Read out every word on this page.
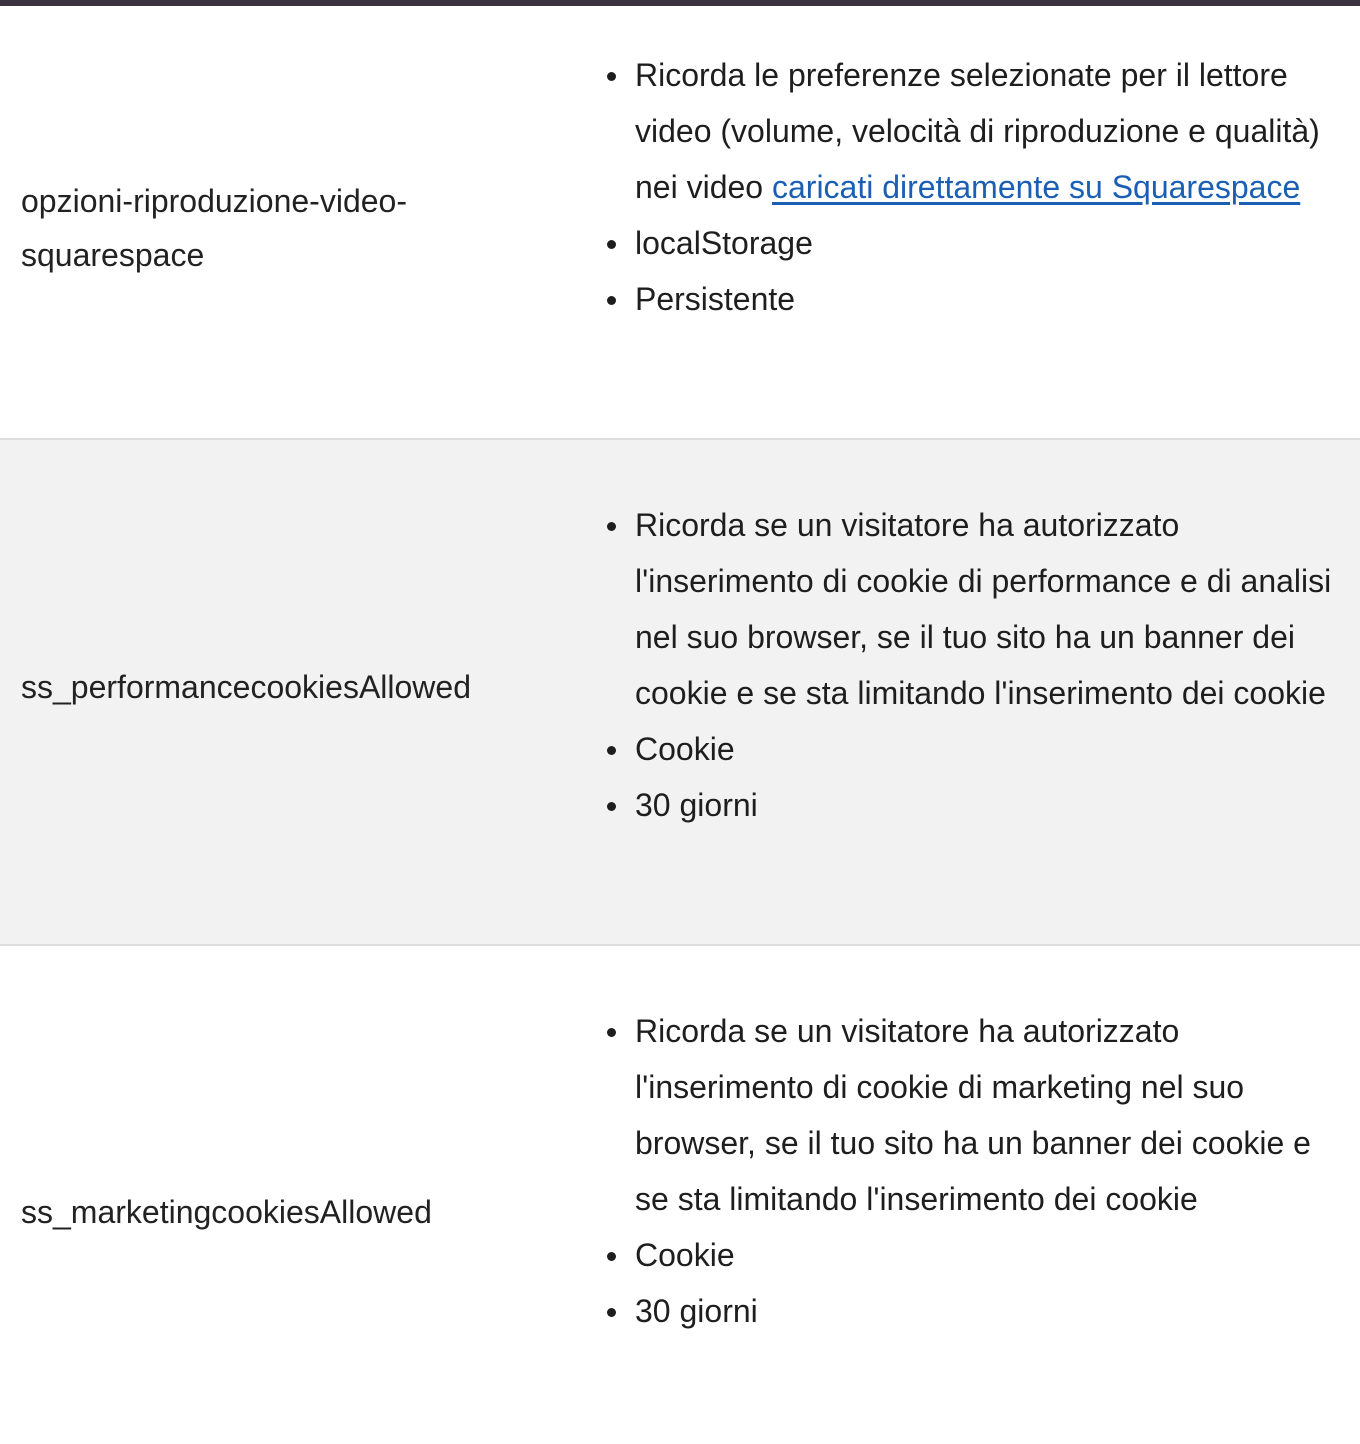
opzioni-riproduzione-video-squarespace
Ricorda le preferenze selezionate per il lettore video (volume, velocità di riproduzione e qualità) nei video caricati direttamente su Squarespace
localStorage
Persistente
ss_performancecookiesAllowed
Ricorda se un visitatore ha autorizzato l'inserimento di cookie di performance e di analisi nel suo browser, se il tuo sito ha un banner dei cookie e se sta limitando l'inserimento dei cookie
Cookie
30 giorni
ss_marketingcookiesAllowed
Ricorda se un visitatore ha autorizzato l'inserimento di cookie di marketing nel suo browser, se il tuo sito ha un banner dei cookie e se sta limitando l'inserimento dei cookie
Cookie
30 giorni
